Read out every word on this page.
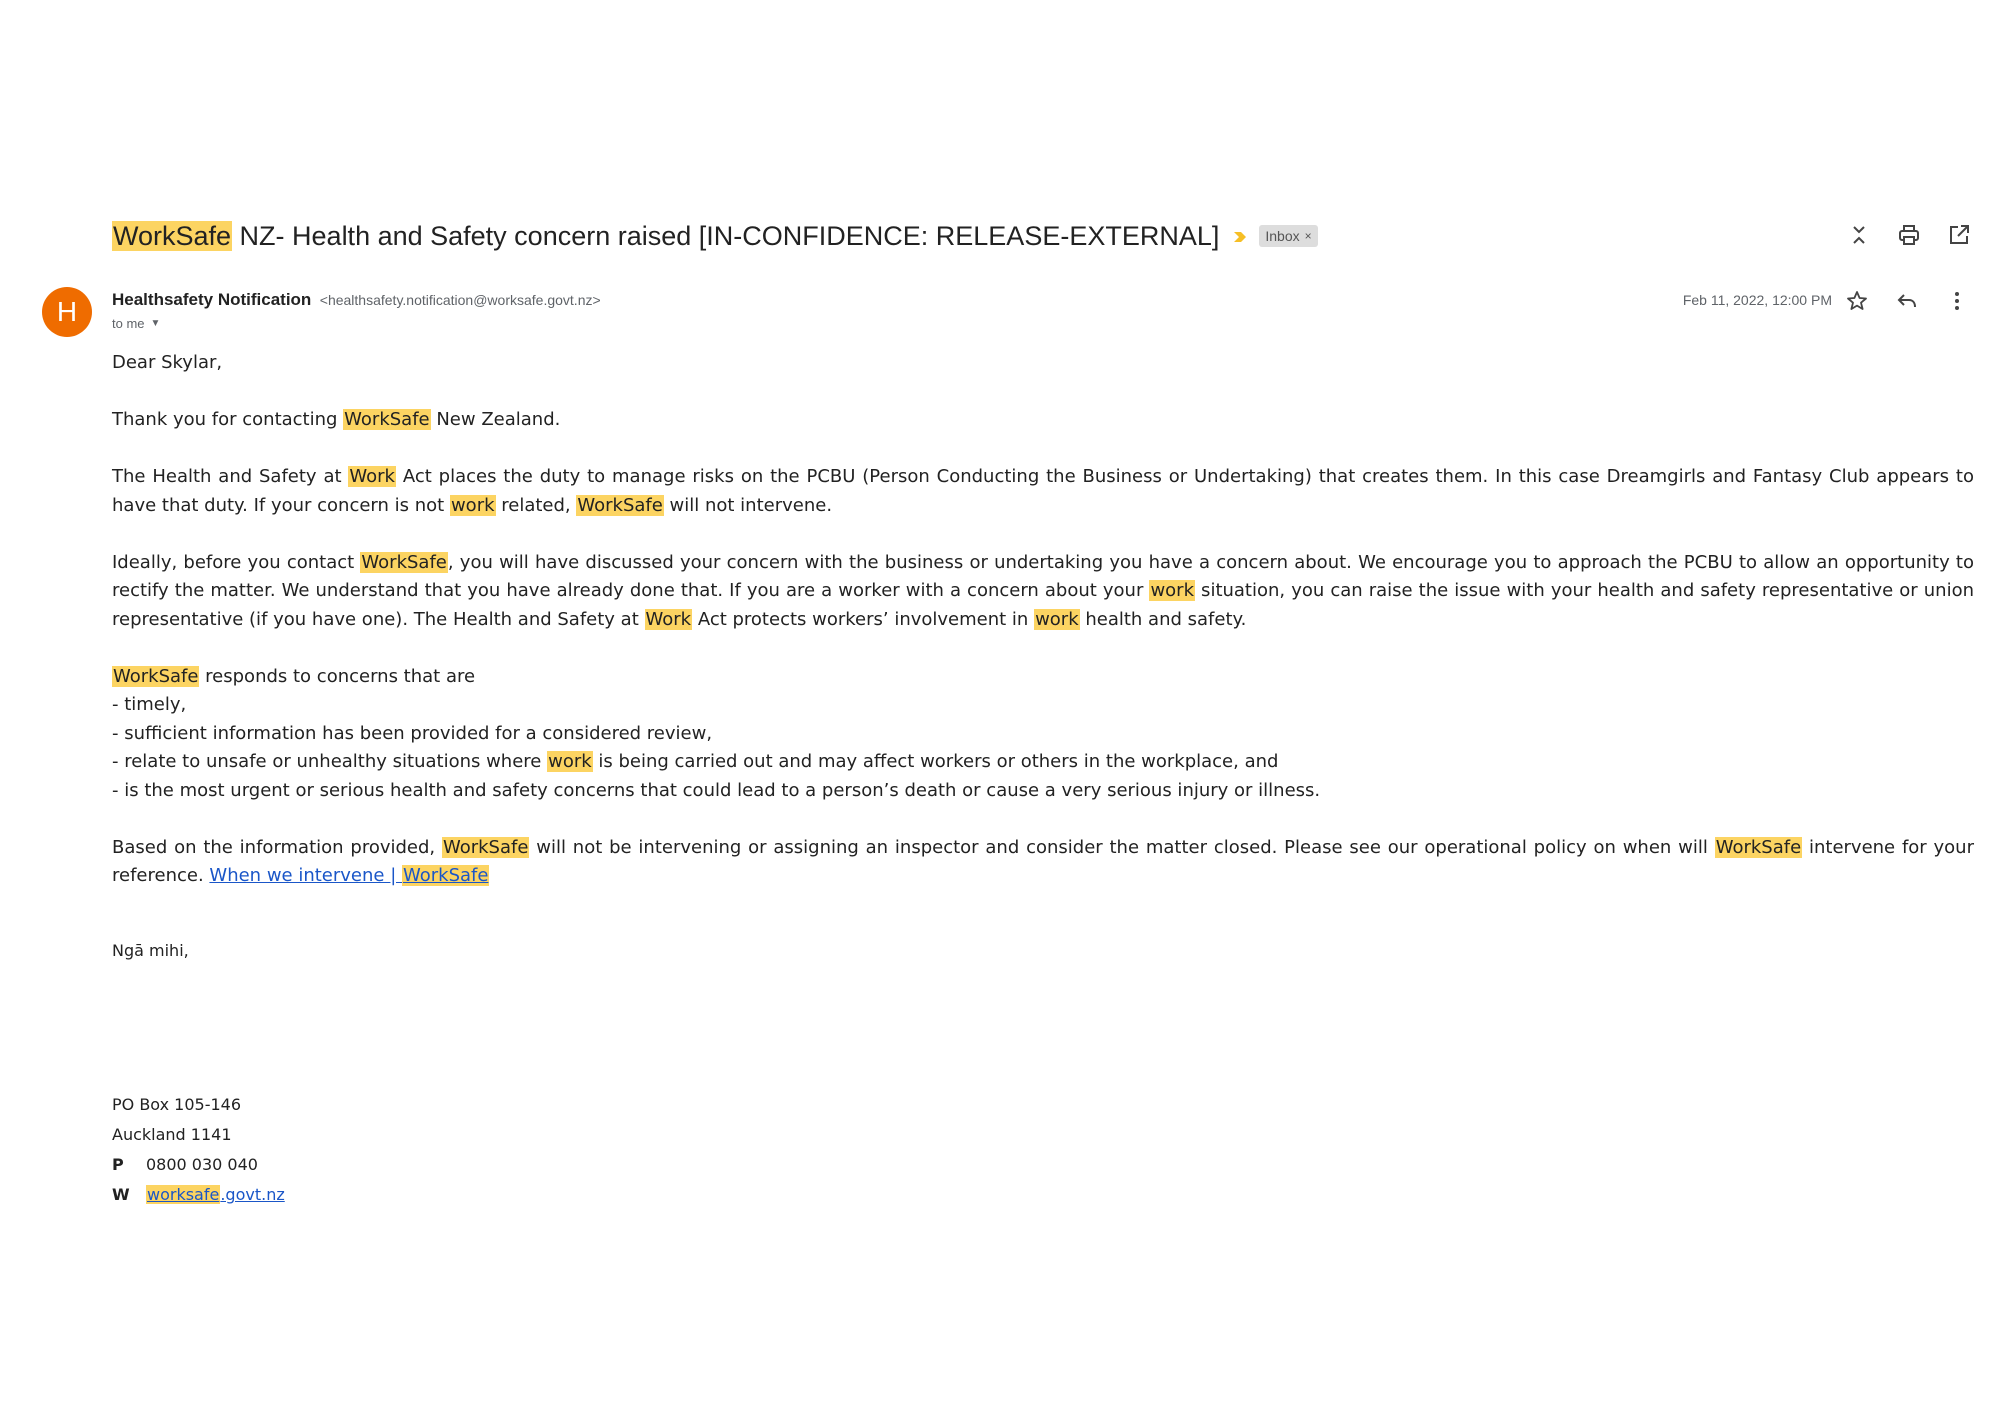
WorkSafe NZ- Health and Safety concern raised [IN-CONFIDENCE: RELEASE-EXTERNAL]	Inbox ×
H	Healthsafety Notification <healthsafety.notification@worksafe.govt.nz>
to me ▼
Feb 11, 2022, 12:00 PM

Dear Skylar,

Thank you for contacting WorkSafe New Zealand.

The Health and Safety at Work Act places the duty to manage risks on the PCBU (Person Conducting the Business or Undertaking) that creates them. In this case Dreamgirls and Fantasy Club appears to have that duty. If your concern is not work related, WorkSafe will not intervene.

Ideally, before you contact WorkSafe, you will have discussed your concern with the business or undertaking you have a concern about. We encourage you to approach the PCBU to allow an opportunity to rectify the matter. We understand that you have already done that. If you are a worker with a concern about your work situation, you can raise the issue with your health and safety representative or union representative (if you have one). The Health and Safety at Work Act protects workers’ involvement in work health and safety.

WorkSafe responds to concerns that are

- timely,

- sufficient information has been provided for a considered review,

- relate to unsafe or unhealthy situations where work is being carried out and may affect workers or others in the workplace, and

- is the most urgent or serious health and safety concerns that could lead to a person’s death or cause a very serious injury or illness.

Based on the information provided, WorkSafe will not be intervening or assigning an inspector and consider the matter closed. Please see our operational policy on when will WorkSafe intervene for your reference. When we intervene | WorkSafe

Ngā mihi,
PO Box 105-146
Auckland 1141
P 0800 030 040
W worksafe.govt.nz
